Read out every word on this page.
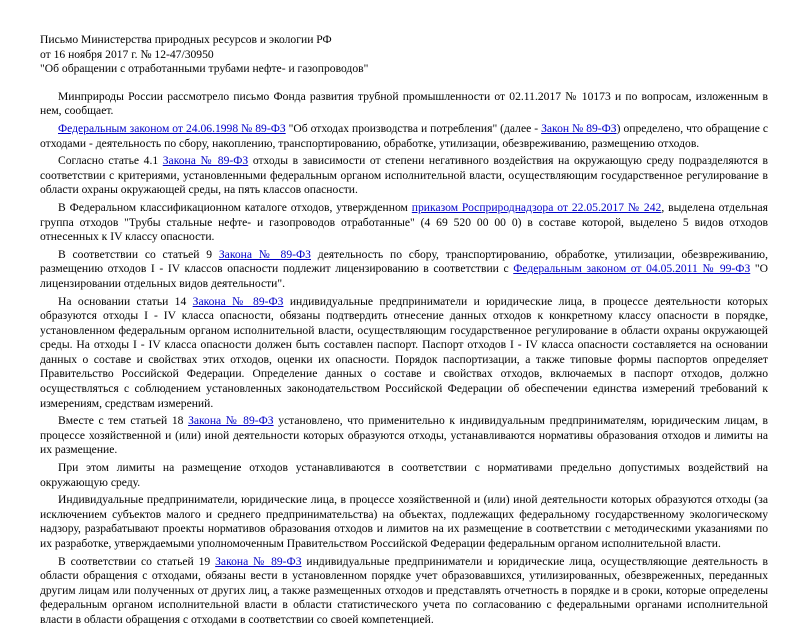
Письмо Министерства природных ресурсов и экологии РФ
от 16 ноября 2017 г. № 12-47/30950
"Об обращении с отработанными трубами нефте- и газопроводов"

Минприроды России рассмотрело письмо Фонда развития трубной промышленности от 02.11.2017 № 10173 и по вопросам, изложенным в нем, сообщает.

Федеральным законом от 24.06.1998 № 89-ФЗ "Об отходах производства и потребления" (далее - Закон № 89-ФЗ) определено, что обращение с отходами - деятельность по сбору, накоплению, транспортированию, обработке, утилизации, обезвреживанию, размещению отходов.

Согласно статье 4.1 Закона № 89-ФЗ отходы в зависимости от степени негативного воздействия на окружающую среду подразделяются в соответствии с критериями, установленными федеральным органом исполнительной власти, осуществляющим государственное регулирование в области охраны окружающей среды, на пять классов опасности.

В Федеральном классификационном каталоге отходов, утвержденном приказом Росприроднадзора от 22.05.2017 № 242, выделена отдельная группа отходов "Трубы стальные нефте- и газопроводов отработанные" (4 69 520 00 00 0) в составе которой, выделено 5 видов отходов отнесенных к IV классу опасности.

В соответствии со статьей 9 Закона № 89-ФЗ деятельность по сбору, транспортированию, обработке, утилизации, обезвреживанию, размещению отходов I - IV классов опасности подлежит лицензированию в соответствии с Федеральным законом от 04.05.2011 № 99-ФЗ "О лицензировании отдельных видов деятельности".

На основании статьи 14 Закона № 89-ФЗ индивидуальные предприниматели и юридические лица, в процессе деятельности которых образуются отходы I - IV класса опасности, обязаны подтвердить отнесение данных отходов к конкретному классу опасности в порядке, установленном федеральным органом исполнительной власти, осуществляющим государственное регулирование в области охраны окружающей среды. На отходы I - IV класса опасности должен быть составлен паспорт. Паспорт отходов I - IV класса опасности составляется на основании данных о составе и свойствах этих отходов, оценки их опасности. Порядок паспортизации, а также типовые формы паспортов определяет Правительство Российской Федерации. Определение данных о составе и свойствах отходов, включаемых в паспорт отходов, должно осуществляться с соблюдением установленных законодательством Российской Федерации об обеспечении единства измерений требований к измерениям, средствам измерений.

Вместе с тем статьей 18 Закона № 89-ФЗ установлено, что применительно к индивидуальным предпринимателям, юридическим лицам, в процессе хозяйственной и (или) иной деятельности которых образуются отходы, устанавливаются нормативы образования отходов и лимиты на их размещение.

При этом лимиты на размещение отходов устанавливаются в соответствии с нормативами предельно допустимых воздействий на окружающую среду.

Индивидуальные предприниматели, юридические лица, в процессе хозяйственной и (или) иной деятельности которых образуются отходы (за исключением субъектов малого и среднего предпринимательства) на объектах, подлежащих федеральному государственному экологическому надзору, разрабатывают проекты нормативов образования отходов и лимитов на их размещение в соответствии с методическими указаниями по их разработке, утверждаемыми уполномоченным Правительством Российской Федерации федеральным органом исполнительной власти.

В соответствии со статьей 19 Закона № 89-ФЗ индивидуальные предприниматели и юридические лица, осуществляющие деятельность в области обращения с отходами, обязаны вести в установленном порядке учет образовавшихся, утилизированных, обезвреженных, переданных другим лицам или полученных от других лиц, а также размещенных отходов и представлять отчетность в порядке и в сроки, которые определены федеральным органом исполнительной власти в области статистического учета по согласованию с федеральными органами исполнительной власти в области обращения с отходами в соответствии со своей компетенцией.
